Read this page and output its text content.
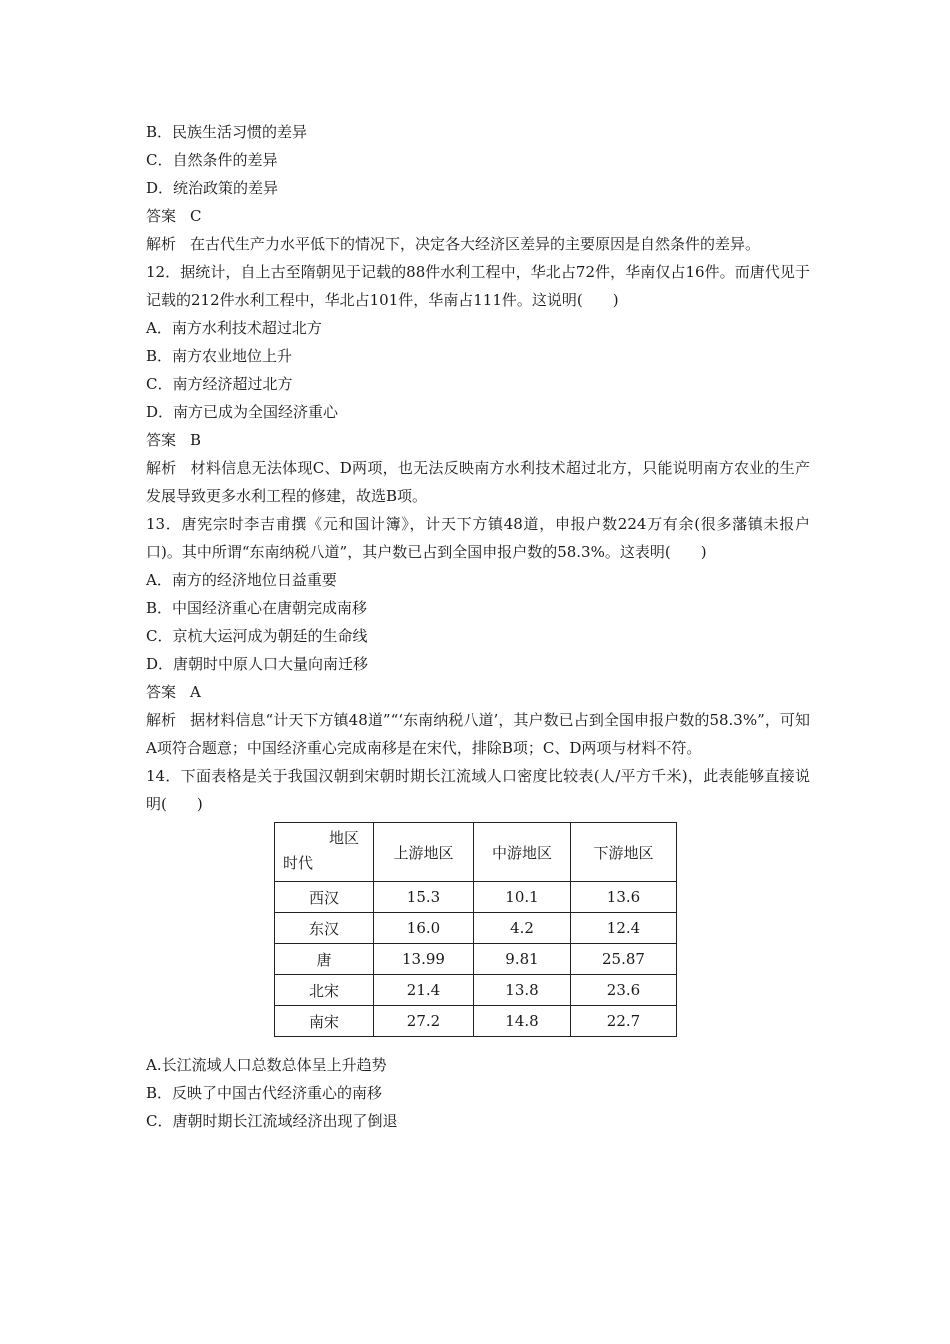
B．民族生活习惯的差异
C．自然条件的差异
D．统治政策的差异
答案 C
解析 在古代生产力水平低下的情况下，决定各大经济区差异的主要原因是自然条件的差异。
12．据统计，自上古至隋朝见于记载的88件水利工程中，华北占72件，华南仅占16件。而唐代见于记载的212件水利工程中，华北占101件，华南占111件。这说明(　　)
A．南方水利技术超过北方
B．南方农业地位上升
C．南方经济超过北方
D．南方已成为全国经济重心
答案 B
解析 材料信息无法体现C、D两项，也无法反映南方水利技术超过北方，只能说明南方农业的生产发展导致更多水利工程的修建，故选B项。
13．唐宪宗时李吉甫撰《元和国计簿》，计天下方镇48道，申报户数224万有余(很多藩镇未报户口)。其中所谓“东南纳税八道”，其户数已占到全国申报户数的58.3%。这表明(　　)
A．南方的经济地位日益重要
B．中国经济重心在唐朝完成南移
C．京杭大运河成为朝廷的生命线
D．唐朝时中原人口大量向南迁移
答案 A
解析 据材料信息“计天下方镇48道”“‘东南纳税八道’，其户数已占到全国申报户数的58.3%”，可知A项符合题意；中国经济重心完成南移是在宋代，排除B项；C、D两项与材料不符。
14．下面表格是关于我国汉朝到宋朝时期长江流域人口密度比较表(人/平方千米)，此表能够直接说明(　　)
地区
时代	上游地区	中游地区	下游地区
西汉	15.3	10.1	13.6
东汉	16.0	4.2	12.4
唐	13.99	9.81	25.87
北宋	21.4	13.8	23.6
南宋	27.2	14.8	22.7
A.长江流域人口总数总体呈上升趋势
B．反映了中国古代经济重心的南移
C．唐朝时期长江流域经济出现了倒退
